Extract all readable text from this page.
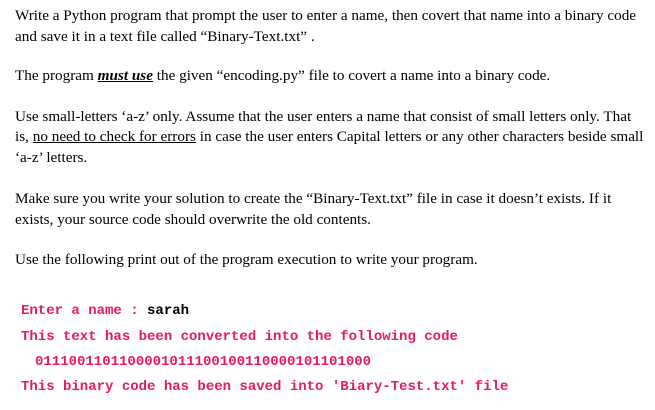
Write a Python program that prompt the user to enter a name, then covert that name into a binary code and save it in a text file called “Binary-Text.txt” .

The program must use the given “encoding.py” file to covert a name into a binary code.

Use small-letters ‘a-z’ only. Assume that the user enters a name that consist of small letters only. That is, no need to check for errors in case the user enters Capital letters or any other characters beside small ‘a-z’ letters.

Make sure you write your solution to create the “Binary-Text.txt” file in case it doesn’t exists. If it exists, your source code should overwrite the old contents.

Use the following print out of the program execution to write your program.

Enter a name : sarah

This text has been converted into the following code

0111001101100001011100100110000101101000

This binary code has been saved into 'Biary-Test.txt' file
